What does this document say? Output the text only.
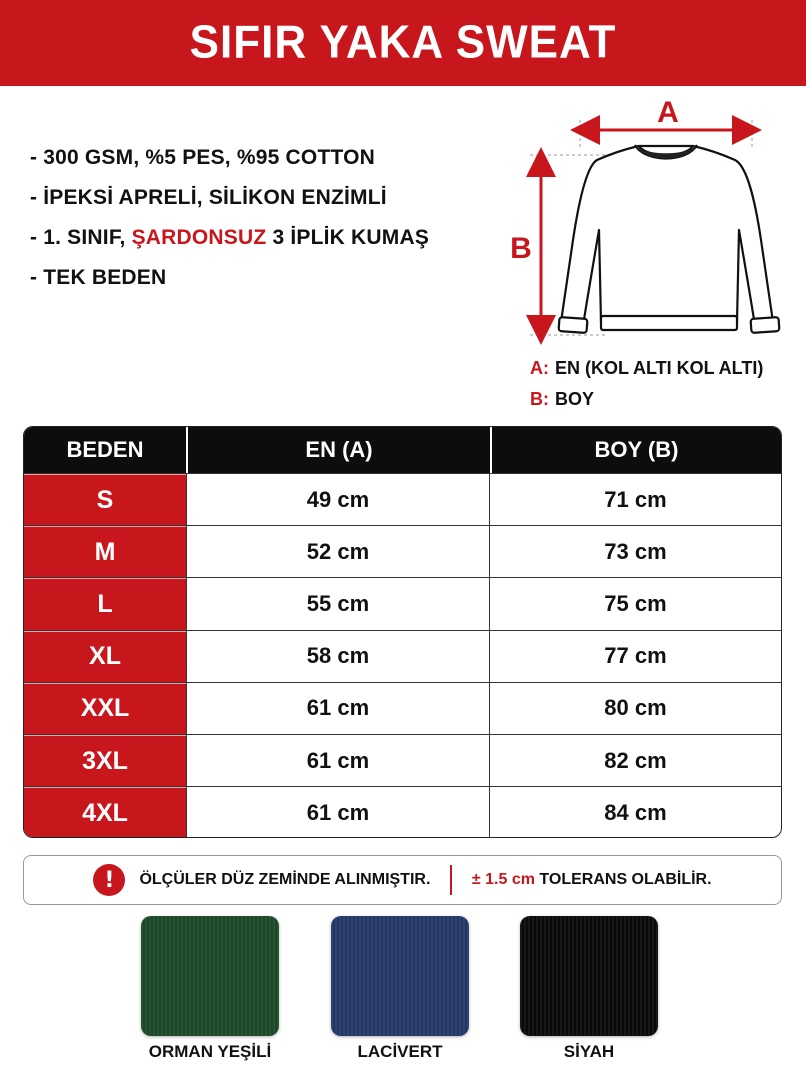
SIFIR YAKA SWEAT
- 300 GSM, %5 PES, %95 COTTON
- İPEKSİ APRELİ, SİLİKON ENZİMLİ
- 1. SINIF, ŞARDONSUZ 3 İPLİK KUMAŞ
- TEK BEDEN
A
B
A: EN (KOL ALTI KOL ALTI)
B: BOY
BEDEN	EN (A)	BOY (B)
S	49 cm	71 cm
M	52 cm	73 cm
L	55 cm	75 cm
XL	58 cm	77 cm
XXL	61 cm	80 cm
3XL	61 cm	82 cm
4XL	61 cm	84 cm
!	ÖLÇÜLER DÜZ ZEMİNDE ALINMIŞTIR.	± 1.5 cm TOLERANS OLABİLİR.
ORMAN YEŞİLİ	LACİVERT	SİYAH
